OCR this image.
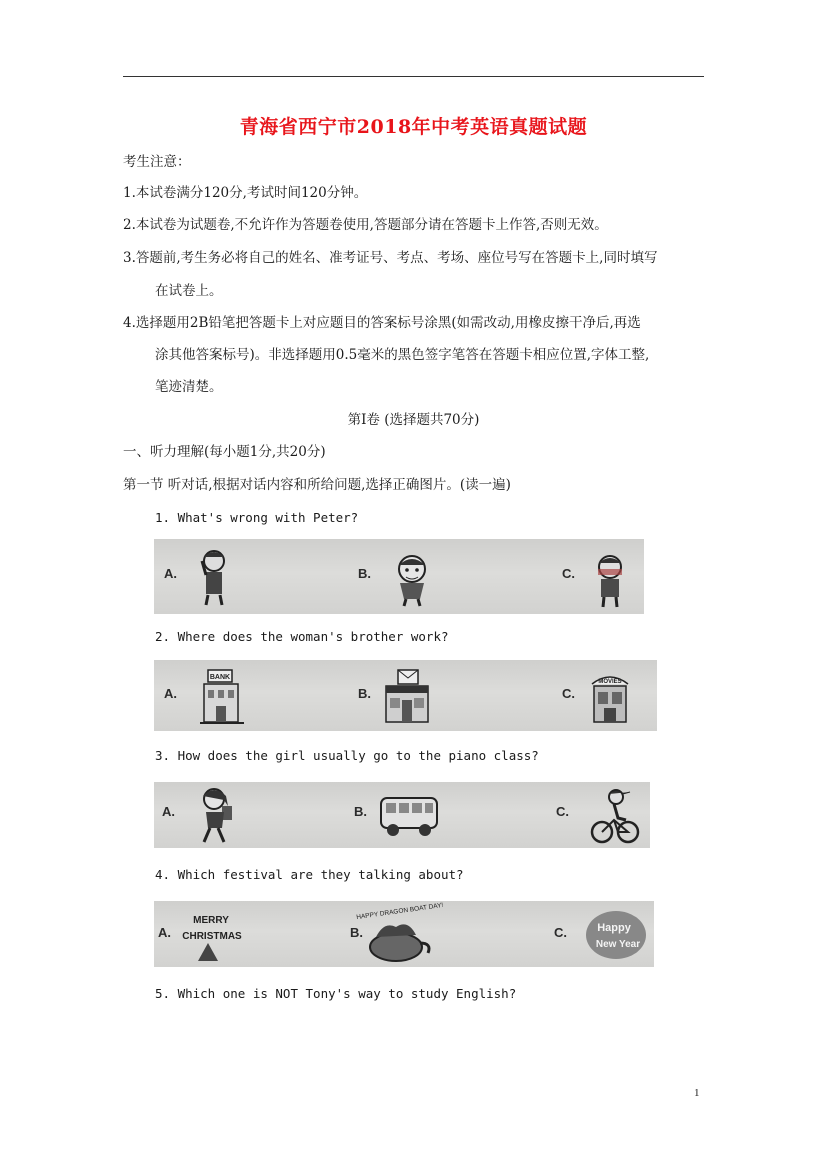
青海省西宁市2018年中考英语真题试题
考生注意：
1.本试卷满分120分,考试时间120分钟。
2.本试卷为试题卷,不允许作为答题卷使用,答题部分请在答题卡上作答,否则无效。
3.答题前,考生务必将自己的姓名、准考证号、考点、考场、座位号写在答题卡上,同时填写
在试卷上。
4.选择题用2B铅笔把答题卡上对应题目的答案标号涂黑(如需改动,用橡皮擦干净后,再选
涂其他答案标号)。非选择题用0.5毫米的黑色签字笔答在答题卡相应位置,字体工整,
笔迹清楚。
第Ⅰ卷 (选择题共70分)
一、听力理解(每小题1分,共20分)
第一节 听对话,根据对话内容和所给问题,选择正确图片。(读一遍)
1. What's wrong with Peter?
A.	B.	C.
2. Where does the woman's brother work?
A.
BANK
B.	C.
MOVIES
3. How does the girl usually go to the piano class?
A.	B.	C.
4. Which festival are they talking about?
A.
MERRY
CHRISTMAS	B.
HAPPY DRAGON BOAT DAY!
C.	Happy
New Year
5. Which one is NOT Tony's way to study English?
1
